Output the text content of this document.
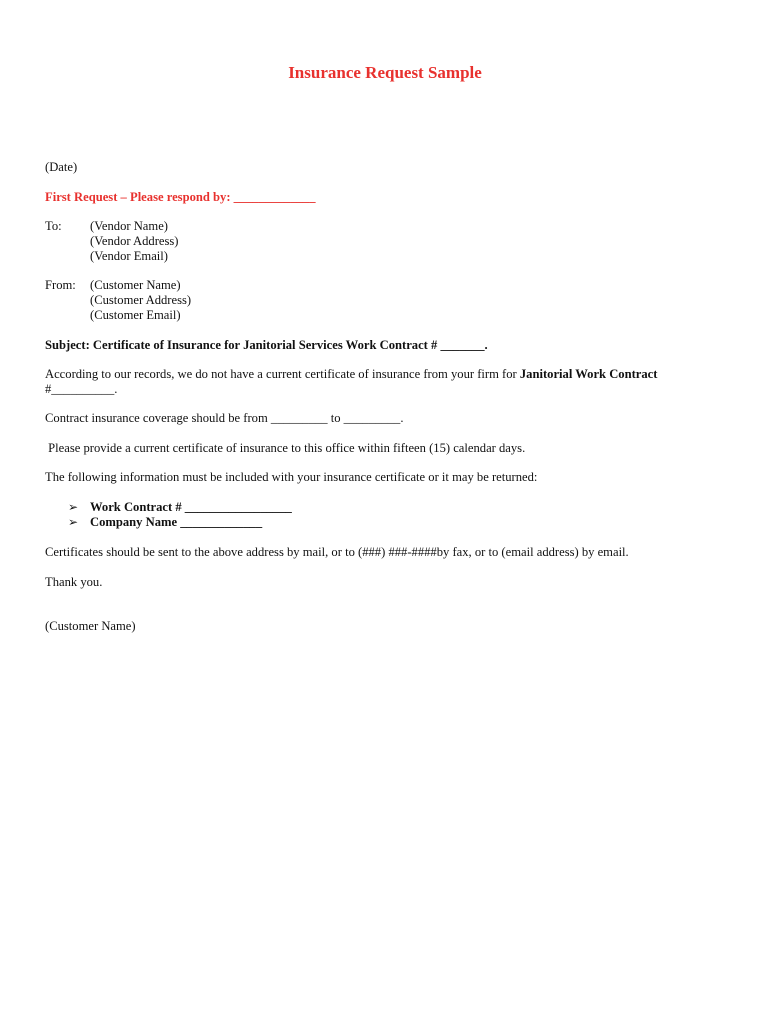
Insurance Request Sample
(Date)
First Request – Please respond by: _____________
To: (Vendor Name)
(Vendor Address)
(Vendor Email)
From: (Customer Name)
(Customer Address)
(Customer Email)
Subject: Certificate of Insurance for Janitorial Services Work Contract # _______.
According to our records, we do not have a current certificate of insurance from your firm for Janitorial Work Contract
#__________.
Contract insurance coverage should be from _________ to _________.
Please provide a current certificate of insurance to this office within fifteen (15) calendar days.
The following information must be included with your insurance certificate or it may be returned:
➢ Work Contract # _________________
➢ Company Name _____________
Certificates should be sent to the above address by mail, or to (###) ###-####by fax, or to (email address) by email.
Thank you.
(Customer Name)
